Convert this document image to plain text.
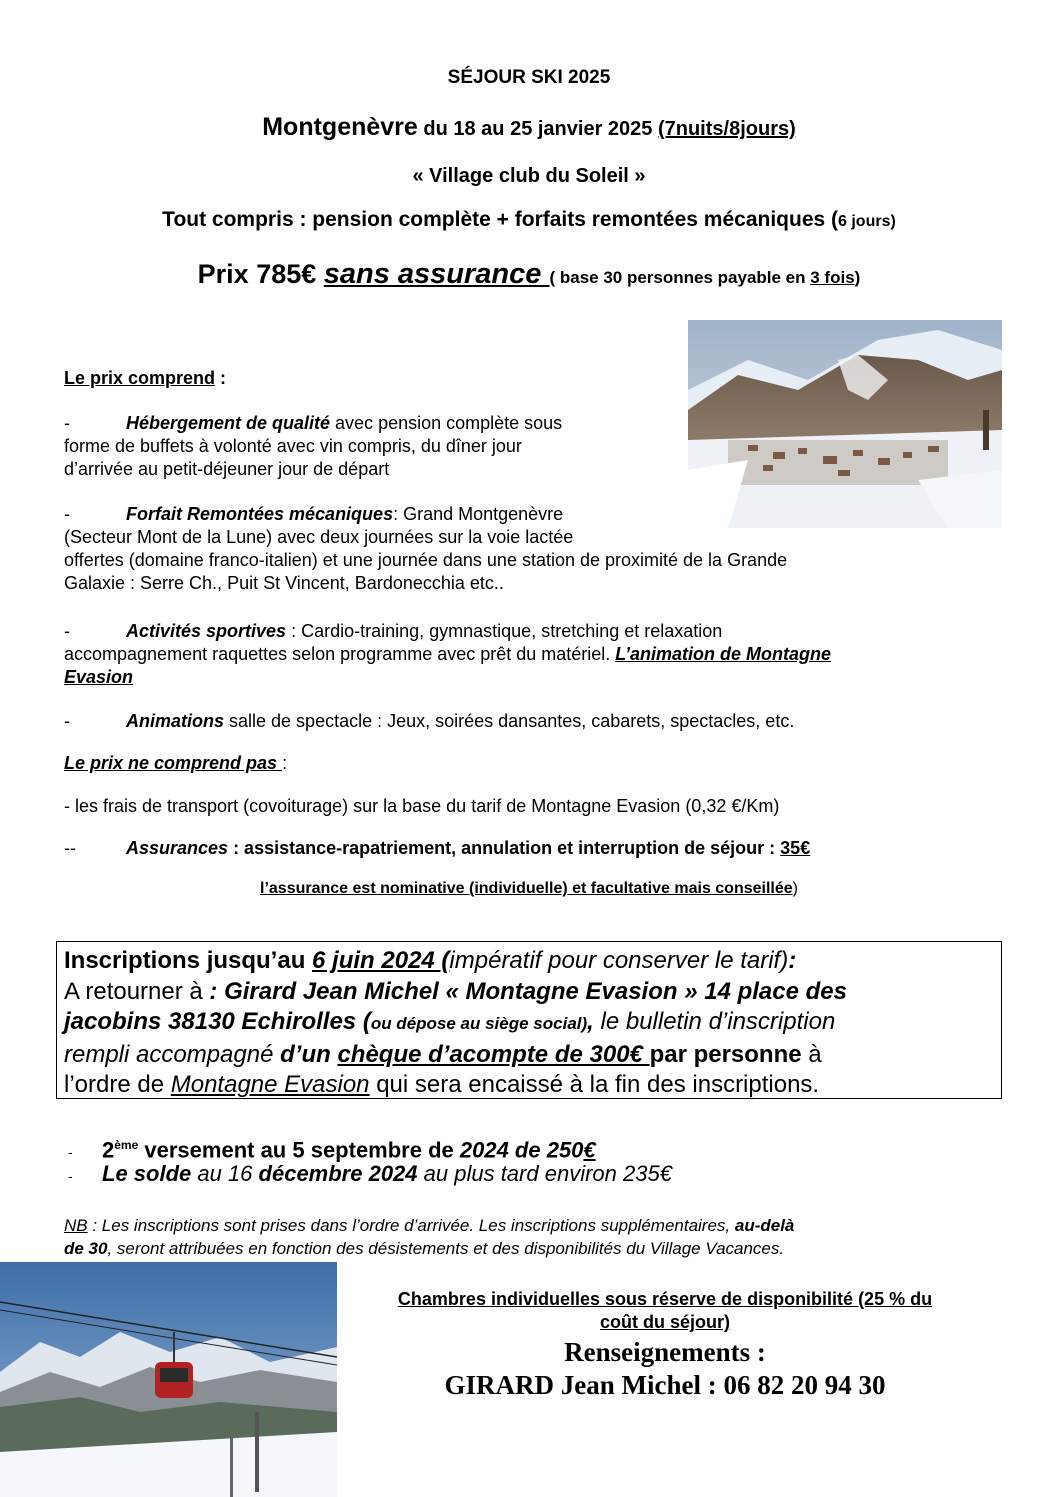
SÉJOUR SKI 2025
Montgenèvre du 18 au 25 janvier 2025 (7nuits/8jours)
« Village club du Soleil »
Tout compris : pension complète + forfaits remontées mécaniques (6 jours)
Prix 785€ sans assurance ( base 30 personnes payable en 3 fois)
Le prix comprend :
-	Hébergement de qualité avec pension complète sous
forme de buffets à volonté avec vin compris, du dîner jour
d’arrivée au petit-déjeuner jour de départ
-	Forfait Remontées mécaniques: Grand Montgenèvre
(Secteur Mont de la Lune) avec deux journées sur la voie lactée
offertes (domaine franco-italien) et une journée dans une station de proximité de la Grande
Galaxie : Serre Ch., Puit St Vincent, Bardonecchia etc..
-	Activités sportives : Cardio-training, gymnastique, stretching et relaxation
accompagnement raquettes selon programme avec prêt du matériel. L’animation de Montagne
Evasion
-	Animations salle de spectacle : Jeux, soirées dansantes, cabarets, spectacles, etc.
Le prix ne comprend pas :
- les frais de transport (covoiturage) sur la base du tarif de Montagne Evasion (0,32 €/Km)
--	Assurances : assistance-rapatriement, annulation et interruption de séjour : 35€
l’assurance est nominative (individuelle) et facultative mais conseillée)
Inscriptions jusqu’au 6 juin 2024 (impératif pour conserver le tarif):
A retourner à : Girard Jean Michel « Montagne Evasion » 14 place des
jacobins 38130 Echirolles (ou dépose au siège social), le bulletin d’inscription
rempli accompagné d’un chèque d’acompte de 300€ par personne à
l’ordre de Montagne Evasion qui sera encaissé à la fin des inscriptions.
- 2ème versement au 5 septembre de 2024 de 250€
- Le solde au 16 décembre 2024 au plus tard environ 235€
NB : Les inscriptions sont prises dans l’ordre d’arrivée. Les inscriptions supplémentaires, au-delà
de 30, seront attribuées en fonction des désistements et des disponibilités du Village Vacances.
Chambres individuelles sous réserve de disponibilité (25 % du
coût du séjour)
Renseignements :
GIRARD Jean Michel : 06 82 20 94 30
